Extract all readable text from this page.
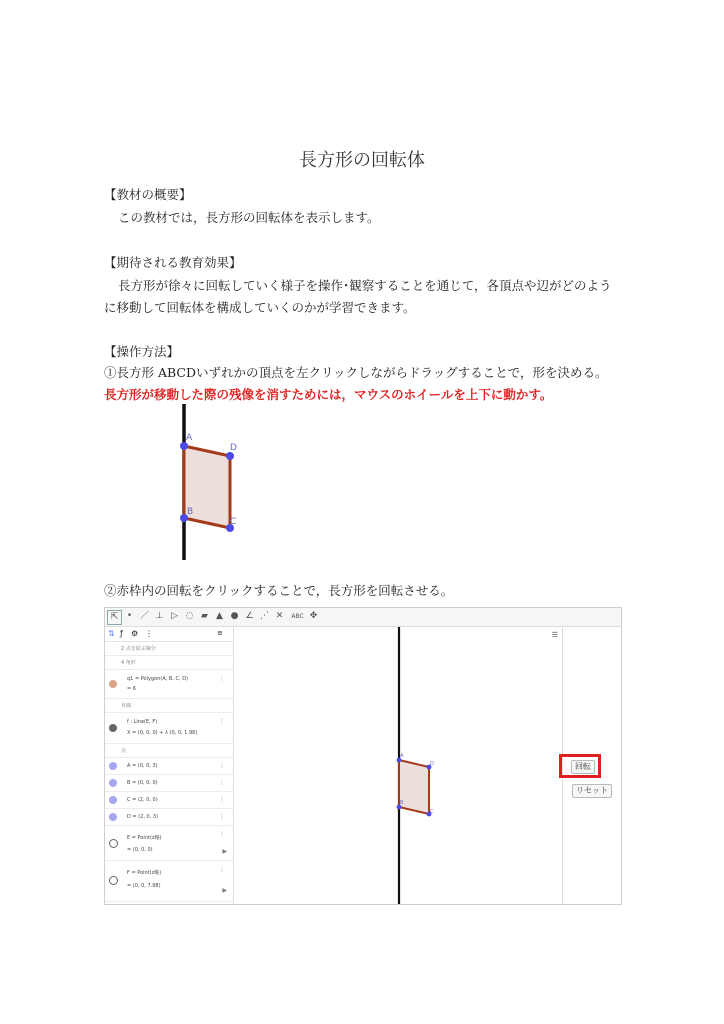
長方形の回転体
【教材の概要】
この教材では，長方形の回転体を表示します。
【期待される教育効果】
長方形が徐々に回転していく様子を操作･観察することを通じて，各頂点や辺がどのよう
に移動して回転体を構成していくのかが学習できます。
【操作方法】
①長方形 ABCDいずれかの頂点を左クリックしながらドラッグすることで，形を決める。
長方形が移動した際の残像を消すためには，マウスのホイールを上下に動かす。
A
B
C
D
②赤枠内の回転をクリックすることで，長方形を回転させる。
⇱ • ／ ⊥ ▷ ◌ ▰ ▲ ● ∠ ⋰ ✕	ABC ✥
⇅ ƒ ⚙ ⋮	≡
2 点を結ぶ線分
4 角形
q1 = Polygon(A, B, C, D)
= 6
⋮
直線
f : Line(E, F)
X = (0, 0, 0) + λ (0, 0, 1.98)
⋮
点
A = (0, 0, 3)	⋮
B = (0, 0, 0)	⋮
C = (2, 0, 0)	⋮
D = (2, 0, 3)	⋮
E = Point(z軸)
= (0, 0, 0)
⋮
▶
F = Point(z軸)
= (0, 0, 7.98)
⋮
▶
A
B
C
D
☰
回転
リセット
